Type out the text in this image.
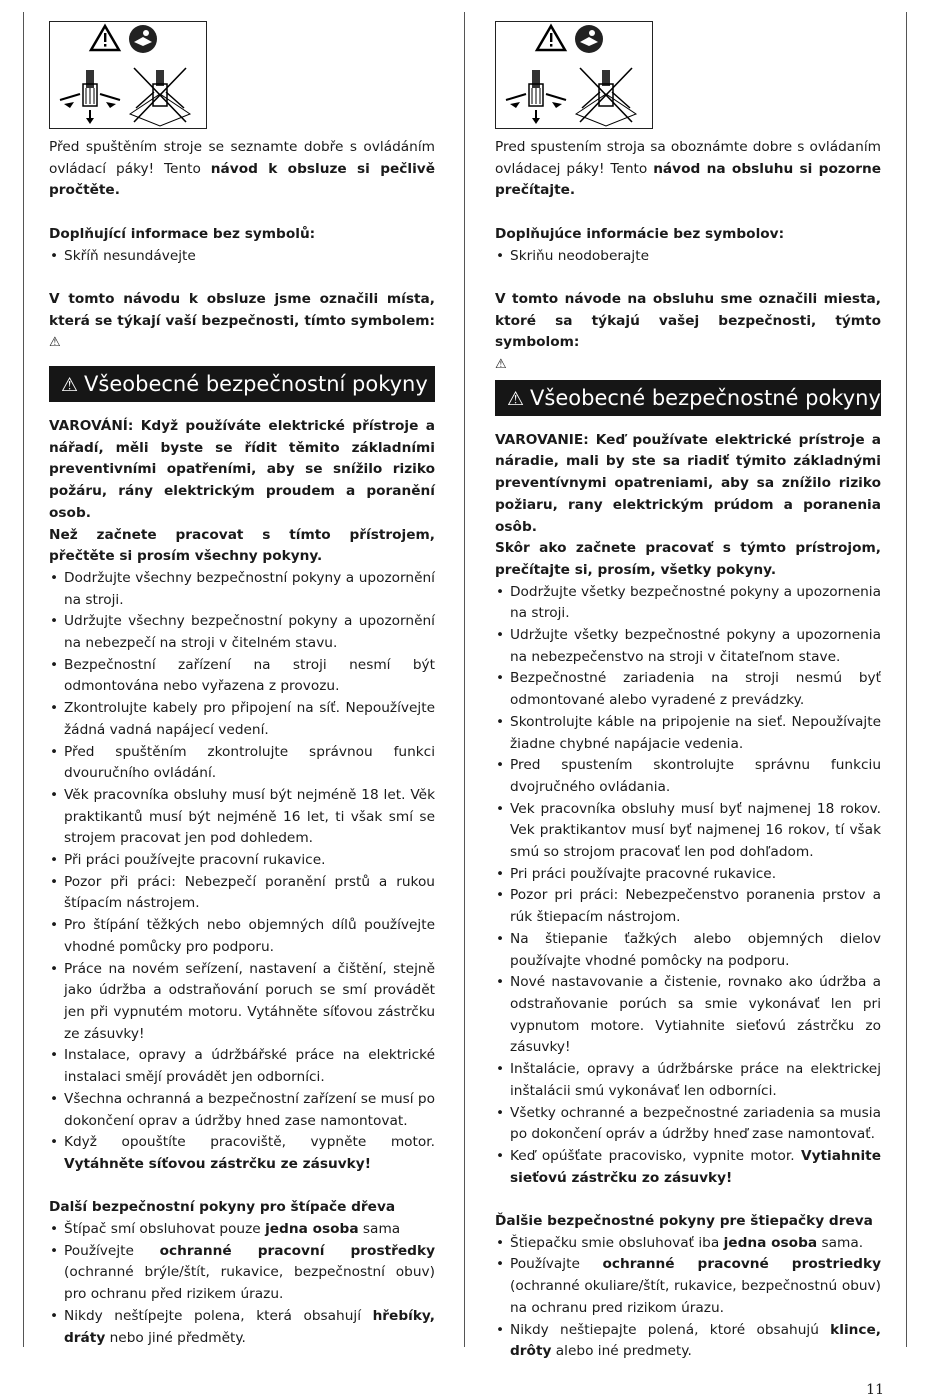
Před spuštěním stroje se seznamte dobře s ovládáním ovládací páky! Tento návod k obsluze si pečlivě pročtěte.

Doplňující informace bez symbolů:

• Skříň nesundávejte

V tomto návodu k obsluze jsme označili místa, která se týkají vaší bezpečnosti, tímto symbolem: ⚠

⚠ Všeobecné bezpečnostní pokyny

VAROVÁNÍ: Když používáte elektrické přístroje a nářadí, měli byste se řídit těmito základními preventivními opatřeními, aby se snížilo riziko požáru, rány elektrickým proudem a poranění osob.

Než začnete pracovat s tímto přístrojem, přečtěte si prosím všechny pokyny.

• Dodržujte všechny bezpečnostní pokyny a upozornění na stroji.
• Udržujte všechny bezpečnostní pokyny a upozornění na nebezpečí na stroji v čitelném stavu.
• Bezpečnostní zařízení na stroji nesmí být odmontována nebo vyřazena z provozu.
• Zkontrolujte kabely pro připojení na síť. Nepoužívejte žádná vadná napájecí vedení.
• Před spuštěním zkontrolujte správnou funkci dvouručního ovládání.
• Věk pracovníka obsluhy musí být nejméně 18 let. Věk praktikantů musí být nejméně 16 let, ti však smí se strojem pracovat jen pod dohledem.
• Při práci používejte pracovní rukavice.
• Pozor při práci: Nebezpečí poranění prstů a rukou štípacím nástrojem.
• Pro štípání těžkých nebo objemných dílů používejte vhodné pomůcky pro podporu.
• Práce na novém seřízení, nastavení a čištění, stejně jako údržba a odstraňování poruch se smí provádět jen při vypnutém motoru. Vytáhněte síťovou zástrčku ze zásuvky!
• Instalace, opravy a údržbářské práce na elektrické instalaci smějí provádět jen odborníci.
• Všechna ochranná a bezpečnostní zařízení se musí po dokončení oprav a údržby hned zase namontovat.
• Když opouštíte pracoviště, vypněte motor. Vytáhněte síťovou zástrčku ze zásuvky!

Další bezpečnostní pokyny pro štípače dřeva

• Štípač smí obsluhovat pouze jedna osoba sama
• Používejte ochranné pracovní prostředky (ochranné brýle/štít, rukavice, bezpečnostní obuv) pro ochranu před rizikem úrazu.
• Nikdy neštípejte polena, která obsahují hřebíky, dráty nebo jiné předměty.

Pred spustením stroja sa oboznámte dobre s ovládaním ovládacej páky! Tento návod na obsluhu si pozorne prečítajte.

Doplňujúce informácie bez symbolov:

• Skriňu neodoberajte

V tomto návode na obsluhu sme označili miesta, ktoré sa týkajú vašej bezpečnosti, týmto symbolom:
⚠

⚠ Všeobecné bezpečnostné pokyny

VAROVANIE: Keď používate elektrické prístroje a náradie, mali by ste sa riadiť týmito základnými preventívnymi opatreniami, aby sa znížilo riziko požiaru, rany elektrickým prúdom a poranenia osôb.

Skôr ako začnete pracovať s týmto prístrojom, prečítajte si, prosím, všetky pokyny.

• Dodržujte všetky bezpečnostné pokyny a upozornenia na stroji.
• Udržujte všetky bezpečnostné pokyny a upozornenia na nebezpečenstvo na stroji v čitateľnom stave.
• Bezpečnostné zariadenia na stroji nesmú byť odmontované alebo vyradené z prevádzky.
• Skontrolujte káble na pripojenie na sieť. Nepoužívajte žiadne chybné napájacie vedenia.
• Pred spustením skontrolujte správnu funkciu dvojručného ovládania.
• Vek pracovníka obsluhy musí byť najmenej 18 rokov. Vek praktikantov musí byť najmenej 16 rokov, tí však smú so strojom pracovať len pod dohľadom.
• Pri práci používajte pracovné rukavice.
• Pozor pri práci: Nebezpečenstvo poranenia prstov a rúk štiepacím nástrojom.
• Na štiepanie ťažkých alebo objemných dielov používajte vhodné pomôcky na podporu.
• Nové nastavovanie a čistenie, rovnako ako údržba a odstraňovanie porúch sa smie vykonávať len pri vypnutom motore. Vytiahnite sieťovú zástrčku zo zásuvky!
• Inštalácie, opravy a údržbárske práce na elektrickej inštalácii smú vykonávať len odborníci.
• Všetky ochranné a bezpečnostné zariadenia sa musia po dokončení opráv a údržby hneď zase namontovať.
• Keď opúšťate pracovisko, vypnite motor. Vytiahnite sieťovú zástrčku zo zásuvky!

Ďalšie bezpečnostné pokyny pre štiepačky dreva

• Štiepačku smie obsluhovať iba jedna osoba sama.
• Používajte ochranné pracovné prostriedky (ochranné okuliare/štít, rukavice, bezpečnostnú obuv) na ochranu pred rizikom úrazu.
• Nikdy neštiepajte polená, ktoré obsahujú klince, drôty alebo iné predmety.
11
